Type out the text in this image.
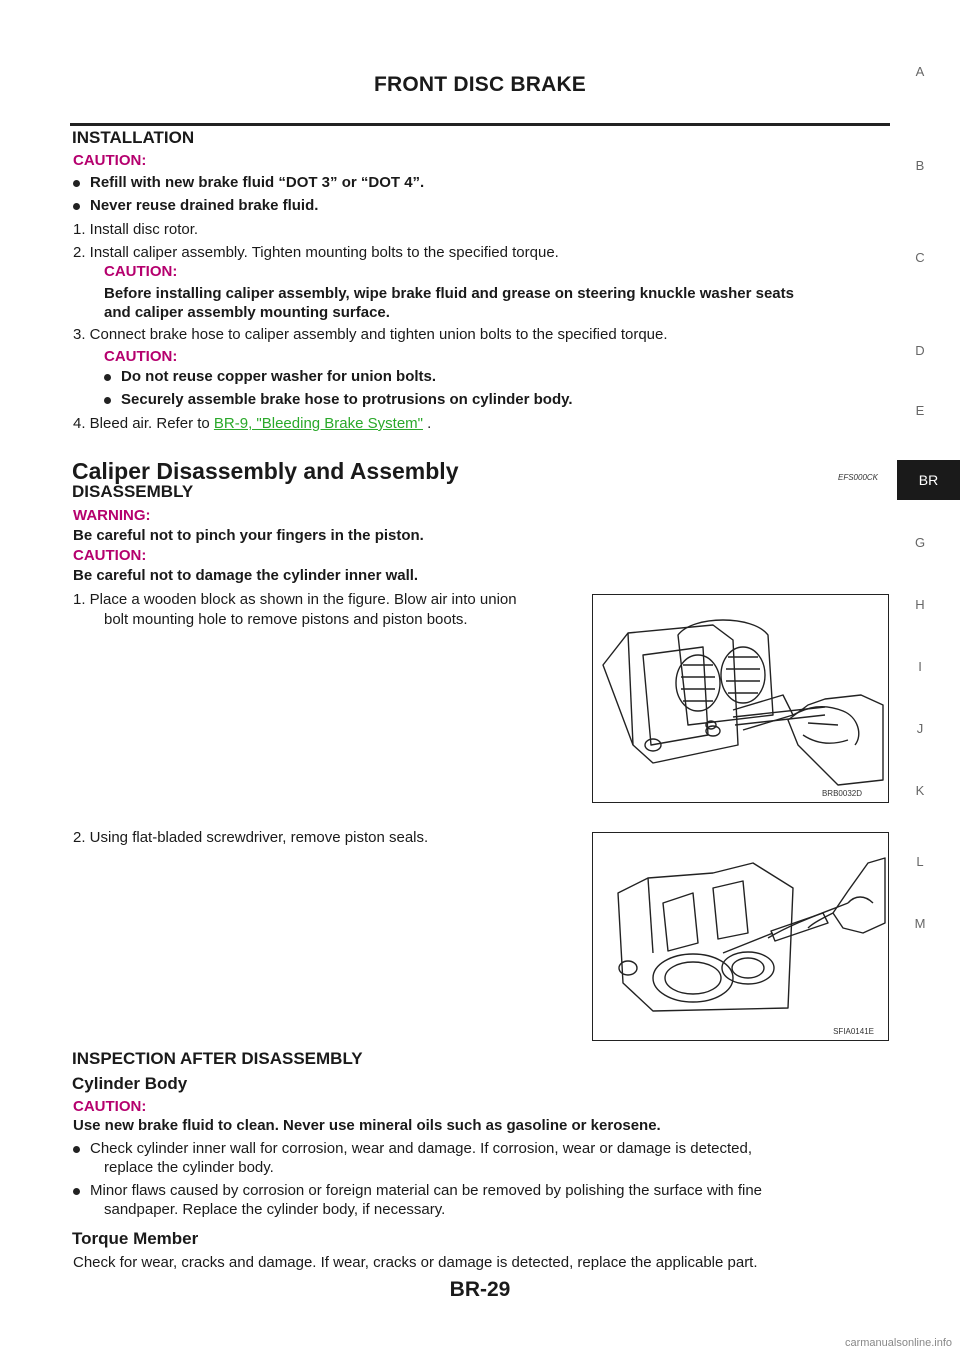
FRONT DISC BRAKE
A
B
C
D
E
BR
G
H
I
J
K
L
M
INSTALLATION
CAUTION:
Refill with new brake fluid “DOT 3” or “DOT 4”.
Never reuse drained brake fluid.
1. Install disc rotor.
2. Install caliper assembly. Tighten mounting bolts to the specified torque.
CAUTION:
Before installing caliper assembly, wipe brake fluid and grease on steering knuckle washer seats
and caliper assembly mounting surface.
3. Connect brake hose to caliper assembly and tighten union bolts to the specified torque.
CAUTION:
Do not reuse copper washer for union bolts.
Securely assemble brake hose to protrusions on cylinder body.
4. Bleed air. Refer to BR-9, "Bleeding Brake System" .
Caliper Disassembly and Assembly	EFS000CK
DISASSEMBLY
WARNING:
Be careful not to pinch your fingers in the piston.
CAUTION:
Be careful not to damage the cylinder inner wall.
1. Place a wooden block as shown in the figure. Blow air into union
bolt mounting hole to remove pistons and piston boots.
BRB0032D
2. Using flat-bladed screwdriver, remove piston seals.
SFIA0141E
INSPECTION AFTER DISASSEMBLY
Cylinder Body
CAUTION:
Use new brake fluid to clean. Never use mineral oils such as gasoline or kerosene.
Check cylinder inner wall for corrosion, wear and damage. If corrosion, wear or damage is detected,
replace the cylinder body.
Minor flaws caused by corrosion or foreign material can be removed by polishing the surface with fine
sandpaper. Replace the cylinder body, if necessary.
Torque Member
Check for wear, cracks and damage. If wear, cracks or damage is detected, replace the applicable part.
BR-29
carmanualsonline.info
